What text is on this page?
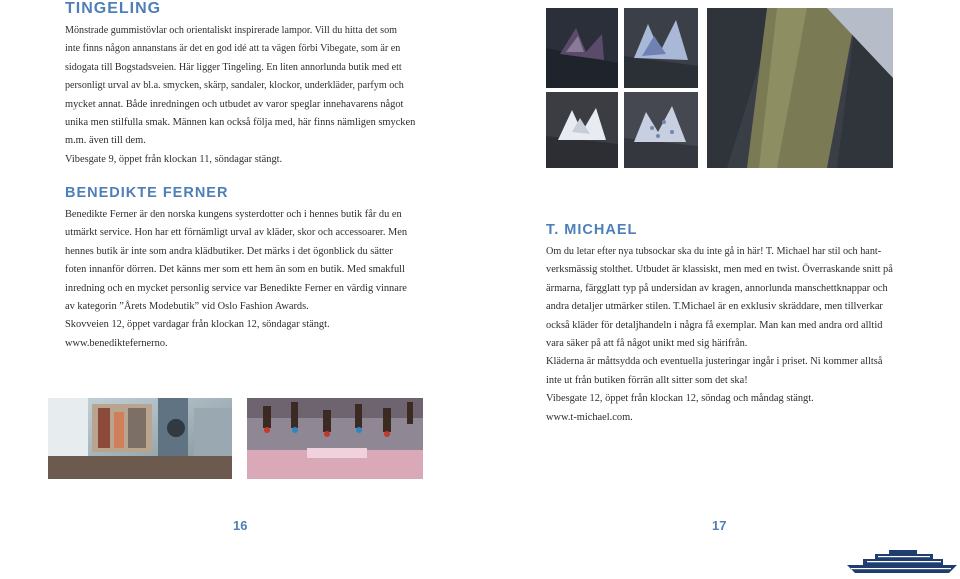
TINGELING

Mönstrade gummistövlar och orientaliskt inspirerade lampor. Vill du hitta det som

inte finns någon annanstans är det en god idé att ta vägen förbi Vibegate, som är en

sidogata till Bogstadsveien. Här ligger Tingeling. En liten annorlunda butik med ett

personligt urval av bl.a. smycken, skärp, sandaler, klockor, underkläder, parfym och

mycket annat. Både inredningen och utbudet av varor speglar innehavarens något

unika men stilfulla smak. Männen kan också följa med, här finns nämligen smycken

m.m. även till dem.

Vibesgate 9, öppet från klockan 11, söndagar stängt.

BENEDIKTE FERNER

Benedikte Ferner är den norska kungens systerdotter och i hennes butik får du en

utmärkt service. Hon har ett förnämligt urval av kläder, skor och accessoarer. Men

hennes butik är inte som andra klädbutiker. Det märks i det ögonblick du sätter

foten innanför dörren. Det känns mer som ett hem än som en butik. Med smakfull

inredning och en mycket personlig service var Benedikte Ferner en värdig vinnare

av kategorin ”Årets Modebutik” vid Oslo Fashion Awards.

Skovveien 12, öppet vardagar från klockan 12, söndagar stängt.

www.benediktefernerno.

16
T. MICHAEL

Om du letar efter nya tubsockar ska du inte gå in här! T. Michael har stil och hant-

verksmässig stolthet. Utbudet är klassiskt, men med en twist. Överraskande snitt på

ärmarna, färgglatt typ på undersidan av kragen, annorlunda manschettknappar och

andra detaljer utmärker stilen. T.Michael är en exklusiv skräddare, men tillverkar

också kläder för detaljhandeln i några få exemplar. Man kan med andra ord alltid

vara säker på att få något unikt med sig härifrån.

Kläderna är måttsydda och eventuella justeringar ingår i priset. Ni kommer alltså

inte ut från butiken förrän allt sitter som det ska!

Vibesgate 12, öppet från klockan 12, söndag och måndag stängt.

www.t-michael.com.

17
